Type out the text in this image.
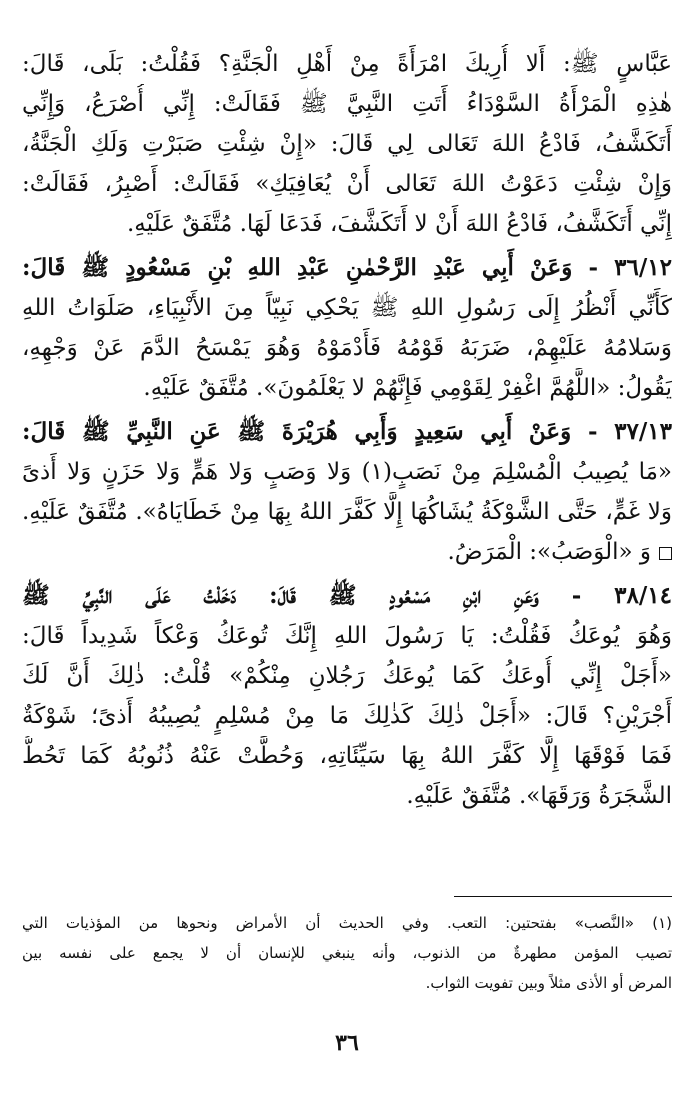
عَبَّاسٍ ﷺ: أَلا أُرِيكَ امْرَأَةً مِنْ أَهْلِ الْجَنَّةِ؟ فَقُلْتُ: بَلَى، قَالَ:
هٰذِهِ الْمَرْأَةُ السَّوْدَاءُ أَتَتِ النَّبِيَّ ﷺ فَقَالَتْ: إِنِّي أُصْرَعُ، وَإِنِّي
أَتَكَشَّفُ، فَادْعُ اللهَ تَعَالى لِي قَالَ: «إِنْ شِئْتِ صَبَرْتِ وَلَكِ الْجَنَّةُ،
وَإِنْ شِئْتِ دَعَوْتُ اللهَ تَعَالى أَنْ يُعَافِيَكِ» فَقَالَتْ: أَصْبِرُ، فَقَالَتْ:
إِنِّي أَتَكَشَّفُ، فَادْعُ اللهَ أَنْ لا أَتَكَشَّفَ، فَدَعَا لَهَا. مُتَّفَقٌ عَلَيْهِ.
٣٦/١٢ - وَعَنْ أَبِي عَبْدِ الرَّحْمٰنِ عَبْدِ اللهِ بْنِ مَسْعُودٍ ﷺ قَالَ:
كَأَنِّي أَنْظُرُ إِلَى رَسُولِ اللهِ ﷺ يَحْكِي نَبِيّاً مِنَ الأَنْبِيَاءِ، صَلَوَاتُ اللهِ
وَسَلامُهُ عَلَيْهِمْ، ضَرَبَهُ قَوْمُهُ فَأَدْمَوْهُ وَهُوَ يَمْسَحُ الدَّمَ عَنْ وَجْهِهِ،
يَقُولُ: «اللَّهُمَّ اغْفِرْ لِقَوْمِي فَإِنَّهُمْ لا يَعْلَمُونَ». مُتَّفَقٌ عَلَيْهِ.
٣٧/١٣ - وَعَنْ أَبِي سَعِيدٍ وَأَبِي هُرَيْرَةَ ﷺ عَنِ النَّبِيِّ ﷺ قَالَ:
«مَا يُصِيبُ الْمُسْلِمَ مِنْ نَصَبٍ(١) وَلا وَصَبٍ وَلا هَمٍّ وَلا حَزَنٍ وَلا أَذىً
وَلا غَمٍّ، حَتَّى الشَّوْكَةُ يُشَاكُهَا إِلَّا كَفَّرَ اللهُ بِهَا مِنْ خَطَايَاهُ». مُتَّفَقٌ عَلَيْهِ.
وَ «الْوَصَبُ»: الْمَرَضُ.
٣٨/١٤ - وَعَنِ ابْنِ مَسْعُودٍ ﷺ قَالَ: دَخَلْتُ عَلَى النَّبِيِّ ﷺ
وَهُوَ يُوعَكُ فَقُلْتُ: يَا رَسُولَ اللهِ إِنَّكَ تُوعَكُ وَعْكاً شَدِيداً قَالَ:
«أَجَلْ إِنِّي أُوعَكُ كَمَا يُوعَكُ رَجُلانِ مِنْكُمْ» قُلْتُ: ذٰلِكَ أَنَّ لَكَ
أَجْرَيْنِ؟ قَالَ: «أَجَلْ ذٰلِكَ كَذٰلِكَ مَا مِنْ مُسْلِمٍ يُصِيبُهُ أَذىً؛ شَوْكَةٌ
فَمَا فَوْقَهَا إِلَّا كَفَّرَ اللهُ بِهَا سَيِّئَاتِهِ، وَحُطَّتْ عَنْهُ ذُنُوبُهُ كَمَا تَحُطُّ
الشَّجَرَةُ وَرَقَهَا». مُتَّفَقٌ عَلَيْهِ.
(١) «النَّصب» بفتحتين: التعب. وفي الحديث أن الأمراض ونحوها من المؤذيات التي
تصيب المؤمن مطهرةٌ من الذنوب، وأنه ينبغي للإنسان أن لا يجمع على نفسه بين
المرض أو الأذى مثلاً وبين تفويت الثواب.
٣٦
